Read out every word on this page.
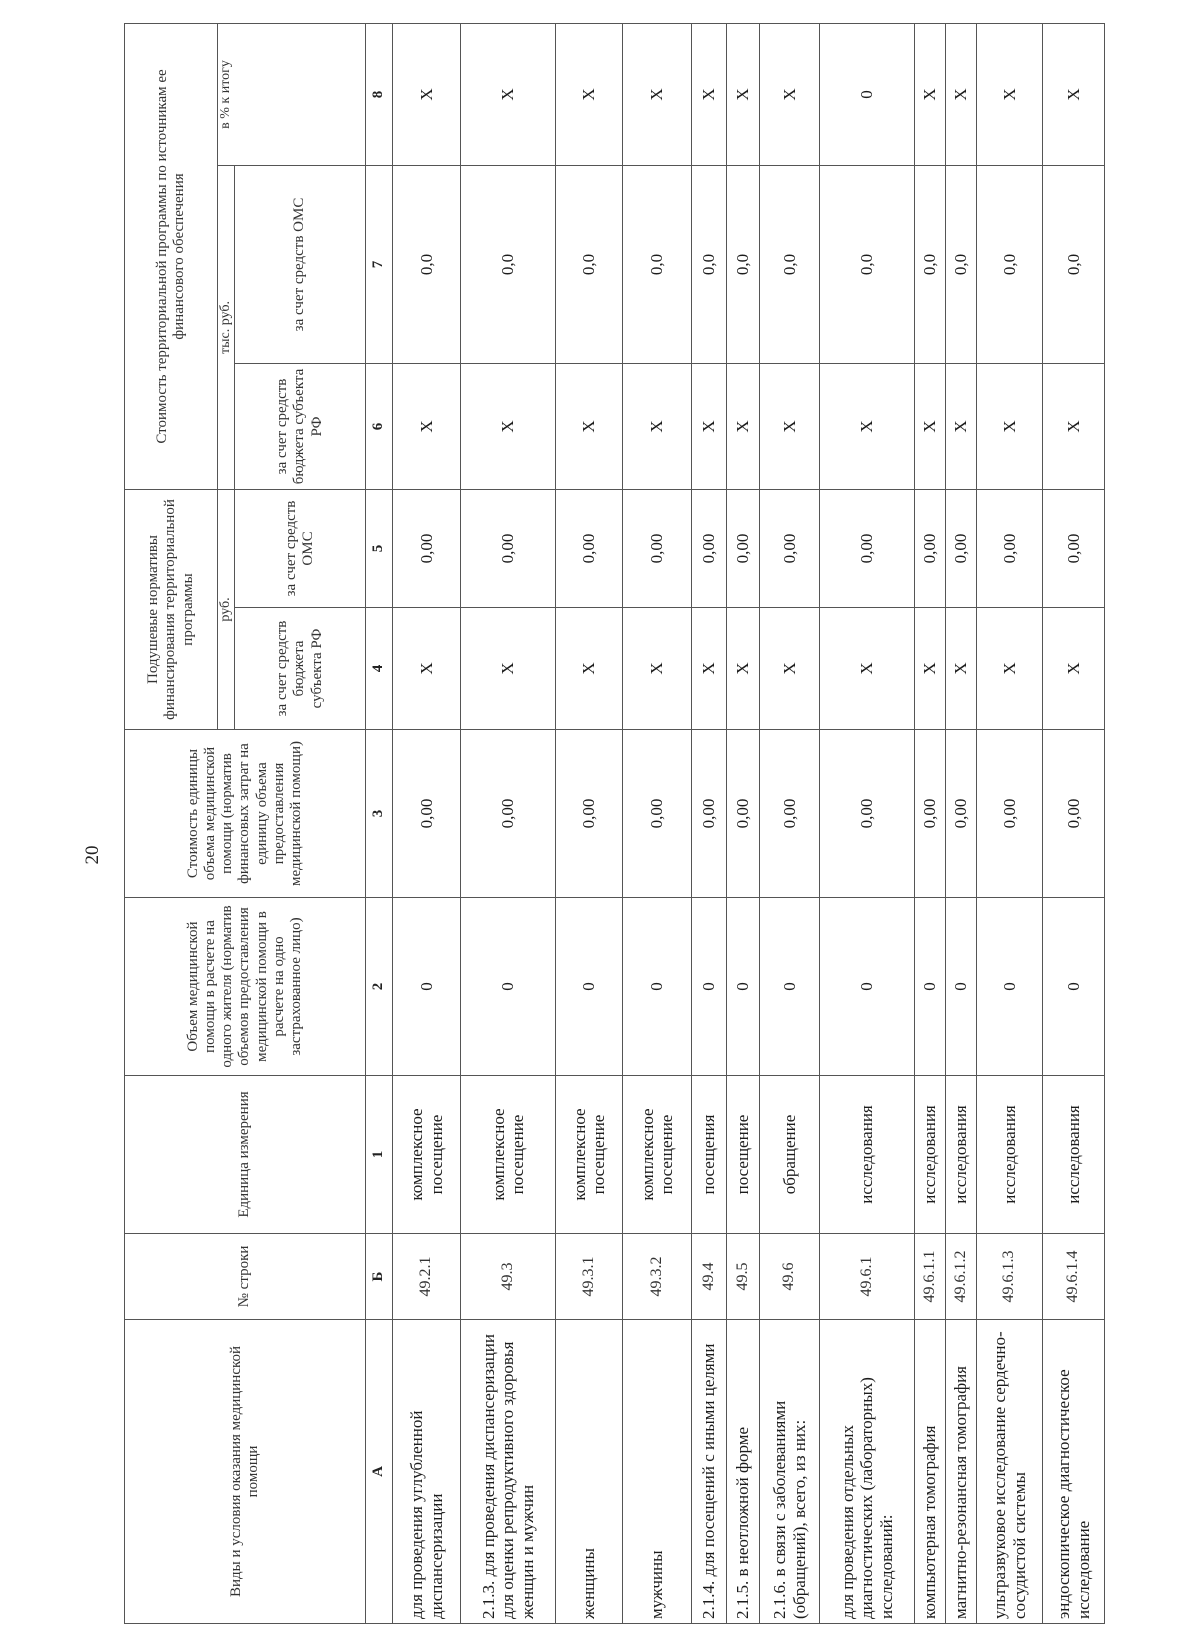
20
Виды и условия оказания медицинской помощи	№ строки	Единица измерения	Объем медицинской помощи в расчете на одного жителя (норматив объемов предоставления медицинской помощи в расчете на одно застрахованное лицо)	Стоимость единицы объема медицинской помощи (норматив финансовых затрат на единицу объема предоставления медицинской помощи)	Подушевые нормативы финансирования территориальной программы		Стоимость территориальной программы по источникам ее финансового обеспечения		
					руб.		тыс. руб.		в % к итогу
					за счет средств бюджета субъекта РФ	за счет средств ОМС	за счет средств бюджета субъекта РФ	за счет средств ОМС	
А	Б	1	2	3	4	5	6	7	8
для проведения углубленной диспансеризации	49.2.1	комплексное посещение	0	0,00	X	0,00	X	0,0	X
2.1.3. для проведения диспансеризации для оценки репродуктивного здоровья женщин и мужчин	49.3	комплексное посещение	0	0,00	X	0,00	X	0,0	X
женщины	49.3.1	комплексное посещение	0	0,00	X	0,00	X	0,0	X
мужчины	49.3.2	комплексное посещение	0	0,00	X	0,00	X	0,0	X
2.1.4. для посещений с иными целями	49.4	посещения	0	0,00	X	0,00	X	0,0	X
2.1.5. в неотложной форме	49.5	посещение	0	0,00	X	0,00	X	0,0	X
2.1.6. в связи с заболеваниями (обращений), всего, из них:	49.6	обращение	0	0,00	X	0,00	X	0,0	X
для проведения отдельных диагностических (лабораторных) исследований:	49.6.1	исследования	0	0,00	X	0,00	X	0,0	0
компьютерная томография	49.6.1.1	исследования	0	0,00	X	0,00	X	0,0	X
магнитно-резонансная томография	49.6.1.2	исследования	0	0,00	X	0,00	X	0,0	X
ультразвуковое исследование сердечно-сосудистой системы	49.6.1.3	исследования	0	0,00	X	0,00	X	0,0	X
эндоскопическое диагностическое исследование	49.6.1.4	исследования	0	0,00	X	0,00	X	0,0	X
